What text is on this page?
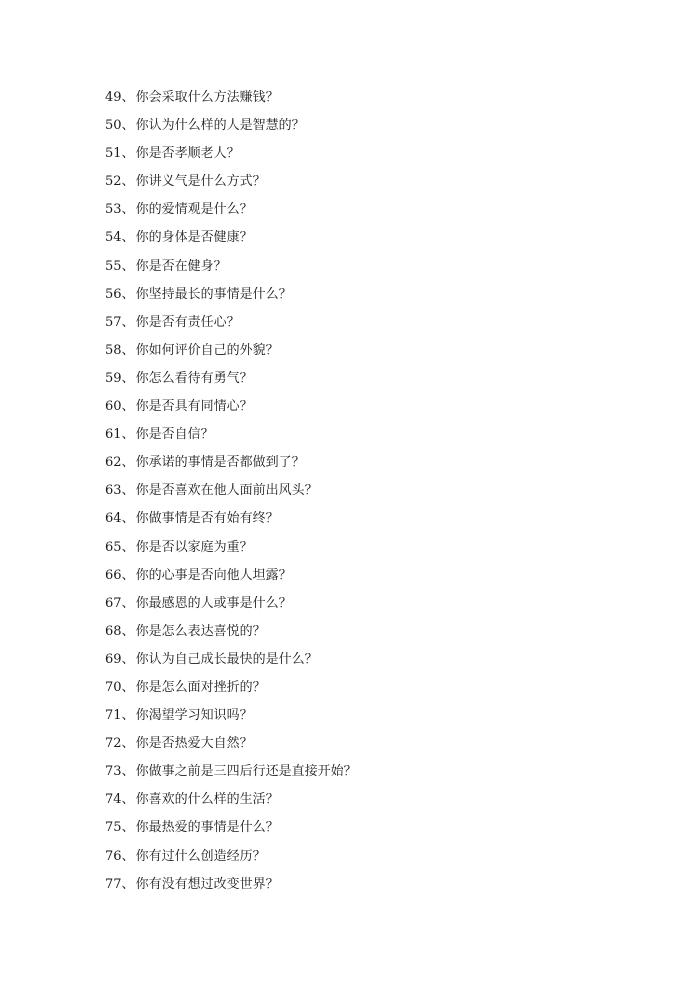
49、你会采取什么方法赚钱？
50、你认为什么样的人是智慧的？
51、你是否孝顺老人？
52、你讲义气是什么方式？
53、你的爱情观是什么？
54、你的身体是否健康？
55、你是否在健身？
56、你坚持最长的事情是什么？
57、你是否有责任心？
58、你如何评价自己的外貌？
59、你怎么看待有勇气？
60、你是否具有同情心？
61、你是否自信？
62、你承诺的事情是否都做到了？
63、你是否喜欢在他人面前出风头？
64、你做事情是否有始有终？
65、你是否以家庭为重？
66、你的心事是否向他人坦露？
67、你最感恩的人或事是什么？
68、你是怎么表达喜悦的？
69、你认为自己成长最快的是什么？
70、你是怎么面对挫折的？
71、你渴望学习知识吗？
72、你是否热爱大自然？
73、你做事之前是三四后行还是直接开始？
74、你喜欢的什么样的生活？
75、你最热爱的事情是什么？
76、你有过什么创造经历？
77、你有没有想过改变世界？
